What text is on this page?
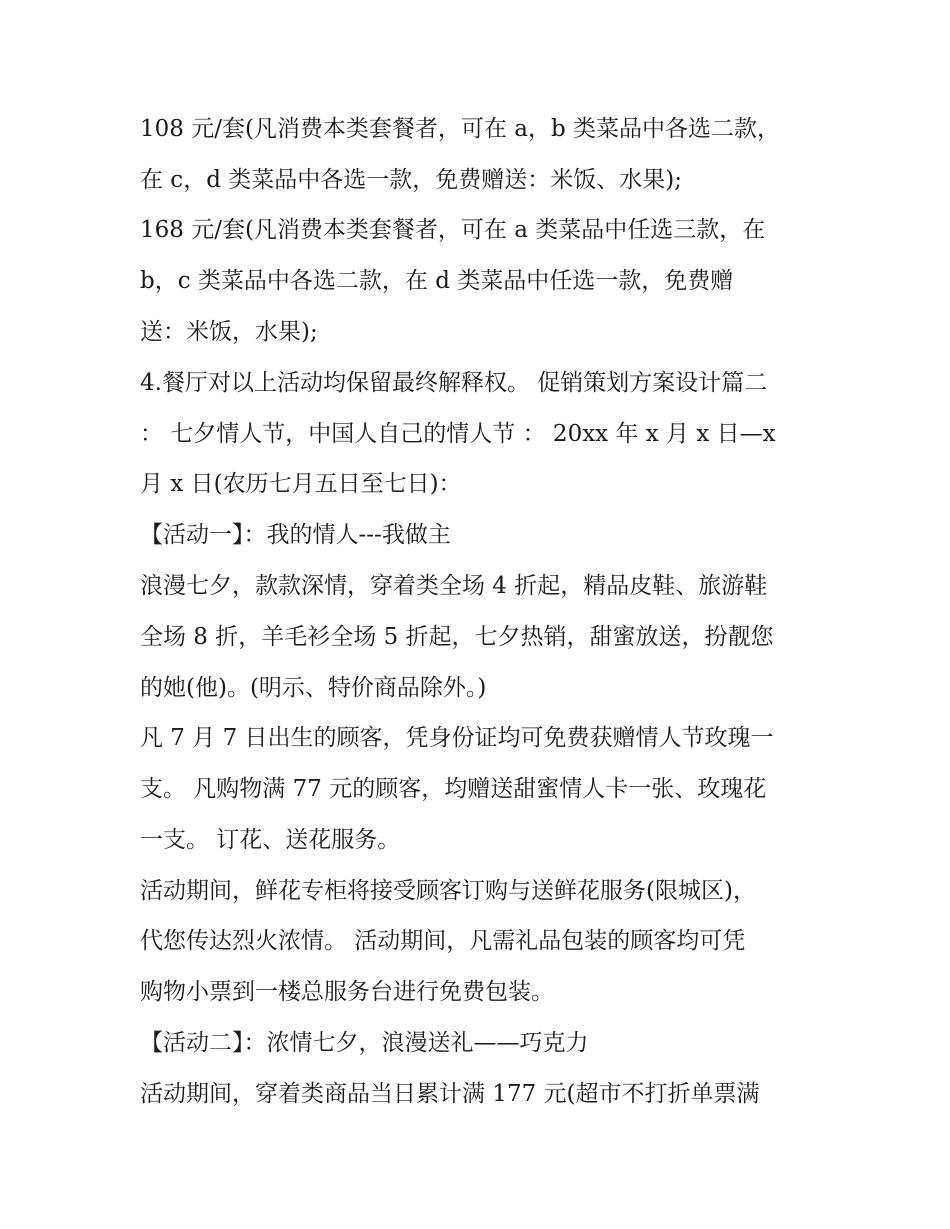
108 元/套(凡消费本类套餐者，可在 a，b 类菜品中各选二款，
在 c，d 类菜品中各选一款，免费赠送：米饭、水果);
168 元/套(凡消费本类套餐者，可在 a 类菜品中任选三款，在
b，c 类菜品中各选二款，在 d 类菜品中任选一款，免费赠
送：米饭，水果);
4.餐厅对以上活动均保留最终解释权。 促销策划方案设计篇二
： 七夕情人节，中国人自己的情人节 ： 20xx 年 x 月 x 日—x
月 x 日(农历七月五日至七日)：
【活动一】：我的情人---我做主
浪漫七夕，款款深情，穿着类全场 4 折起，精品皮鞋、旅游鞋
全场 8 折，羊毛衫全场 5 折起，七夕热销，甜蜜放送，扮靓您
的她(他)。(明示、特价商品除外。)
凡 7 月 7 日出生的顾客，凭身份证均可免费获赠情人节玫瑰一
支。 凡购物满 77 元的顾客，均赠送甜蜜情人卡一张、玫瑰花
一支。 订花、送花服务。
活动期间，鲜花专柜将接受顾客订购与送鲜花服务(限城区)，
代您传达烈火浓情。 活动期间，凡需礼品包装的顾客均可凭
购物小票到一楼总服务台进行免费包装。
【活动二】：浓情七夕，浪漫送礼——巧克力
活动期间，穿着类商品当日累计满 177 元(超市不打折单票满
